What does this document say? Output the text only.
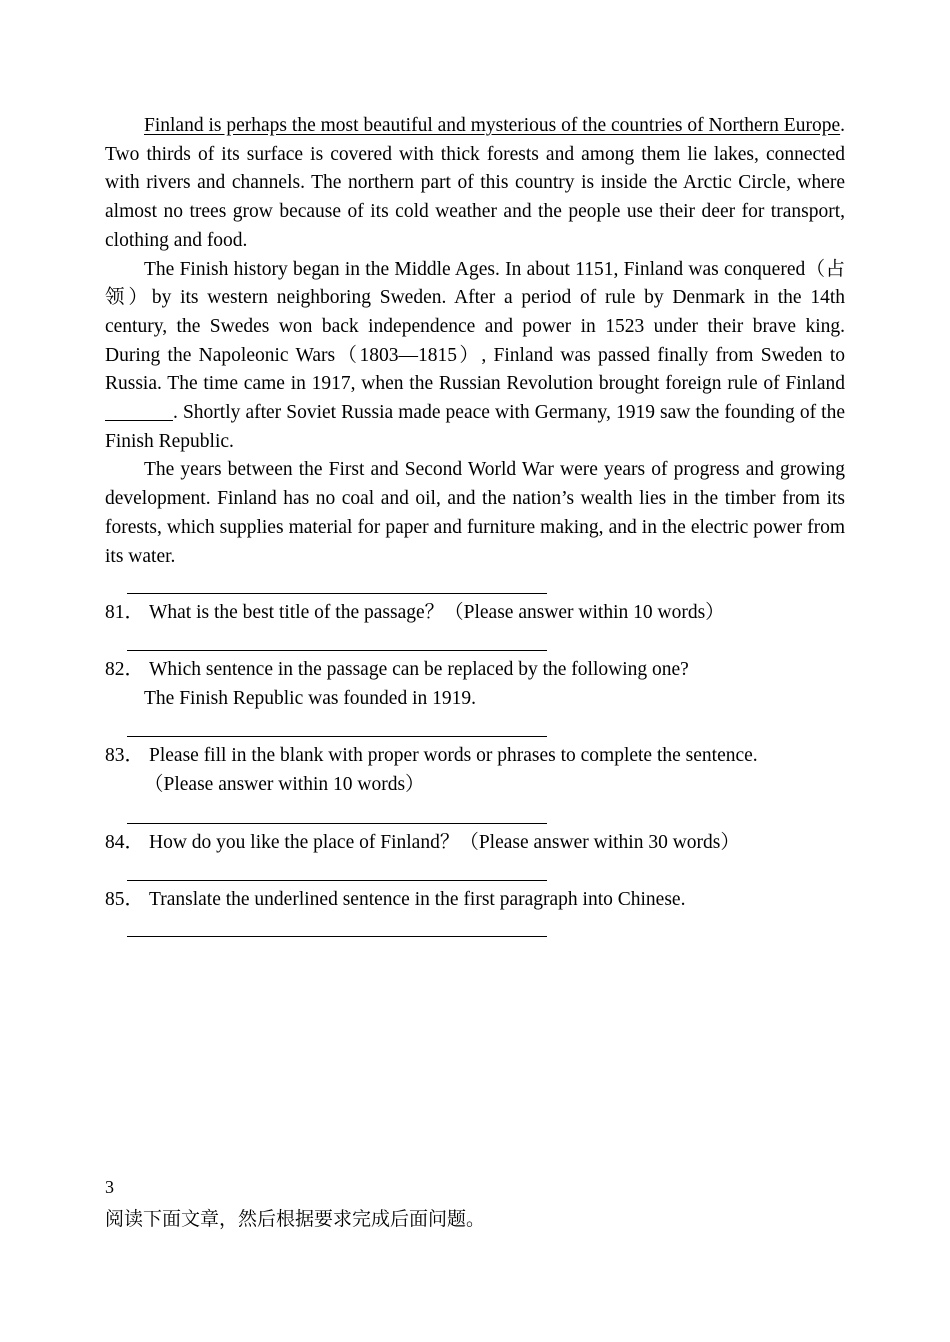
Finland is perhaps the most beautiful and mysterious of the countries of Northern Europe. Two thirds of its surface is covered with thick forests and among them lie lakes, connected with rivers and channels. The northern part of this country is inside the Arctic Circle, where almost no trees grow because of its cold weather and the people use their deer for transport, clothing and food.

The Finish history began in the Middle Ages. In about 1151, Finland was conquered（占领）by its western neighboring Sweden. After a period of rule by Denmark in the 14th century, the Swedes won back independence and power in 1523 under their brave king. During the Napoleonic Wars（1803—1815）, Finland was passed finally from Sweden to Russia. The time came in 1917, when the Russian Revolution brought foreign rule of Finland. Shortly after Soviet Russia made peace with Germany, 1919 saw the founding of the Finish Republic.

The years between the First and Second World War were years of progress and growing development. Finland has no coal and oil, and the nation’s wealth lies in the timber from its forests, which supplies material for paper and furniture making, and in the electric power from its water.

81． What is the best title of the passage？（Please answer within 10 words）
82． Which sentence in the passage can be replaced by the following one?
The Finish Republic was founded in 1919.
83． Please fill in the blank with proper words or phrases to complete the sentence.
（Please answer within 10 words）
84． How do you like the place of Finland？（Please answer within 30 words）
85． Translate the underlined sentence in the first paragraph into Chinese.
3
阅读下面文章，然后根据要求完成后面问题。
